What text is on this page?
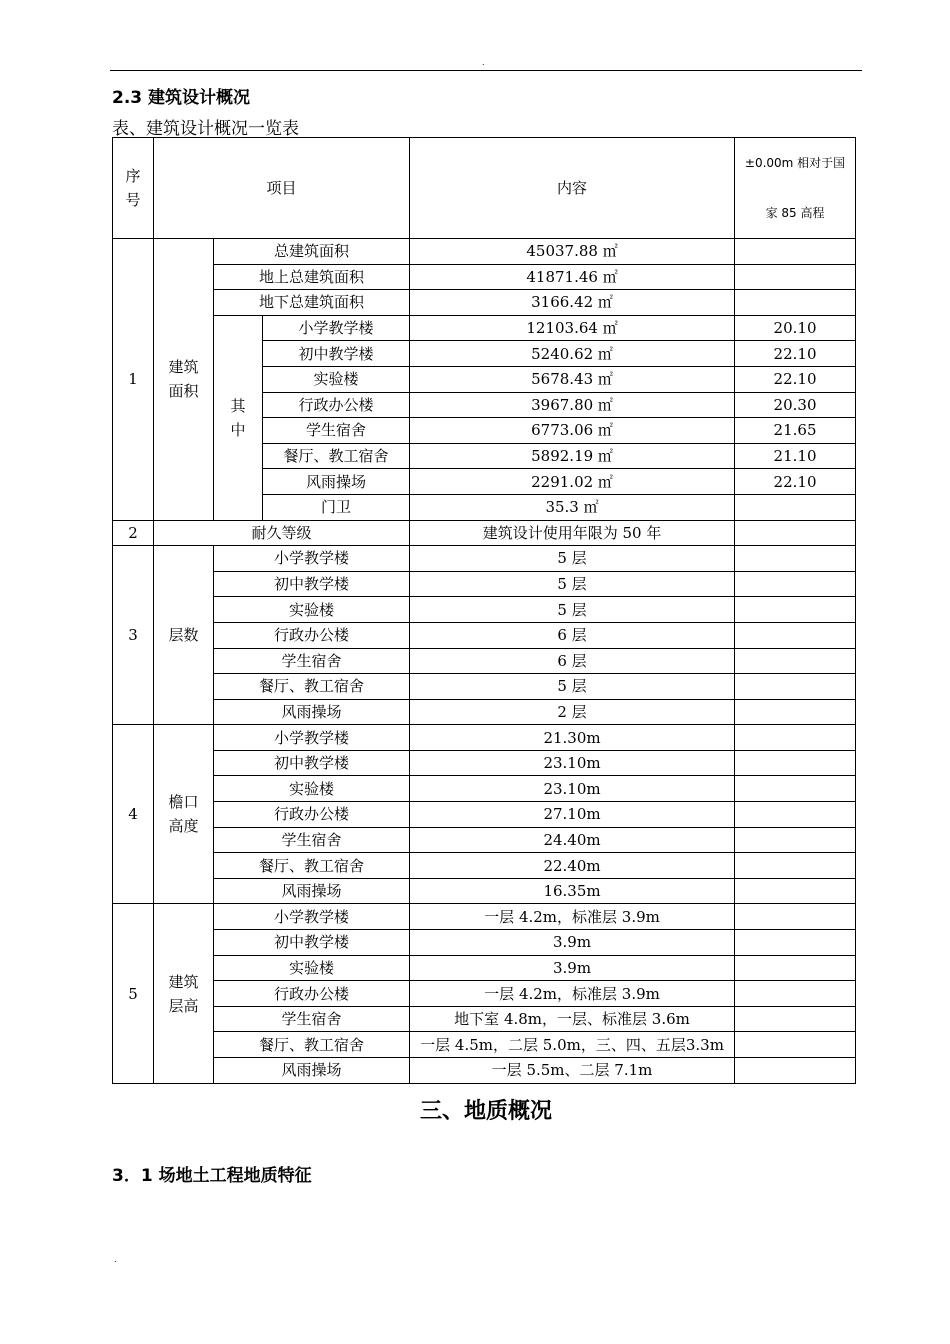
.
2.3 建筑设计概况
表、建筑设计概况一览表
序号	项目			内容	±0.00m 相对于国
家 85 高程

1	建筑面积	总建筑面积		45037.88 ㎡	
		地上总建筑面积		41871.46 ㎡	
		地下总建筑面积		3166.42 ㎡	
		其中	小学教学楼	12103.64 ㎡	20.10
			初中教学楼	5240.62 ㎡	22.10
			实验楼	5678.43 ㎡	22.10
			行政办公楼	3967.80 ㎡	20.30
			学生宿舍	6773.06 ㎡	21.65
			餐厅、教工宿舍	5892.19 ㎡	21.10
			风雨操场	2291.02 ㎡	22.10
			门卫	35.3 ㎡	
2	耐久等级			建筑设计使用年限为 50 年	
3	层数	小学教学楼		5 层	
		初中教学楼		5 层	
		实验楼		5 层	
		行政办公楼		6 层	
		学生宿舍		6 层	
		餐厅、教工宿舍		5 层	
		风雨操场		2 层	
4	檐口高度	小学教学楼		21.30m	
		初中教学楼		23.10m	
		实验楼		23.10m	
		行政办公楼		27.10m	
		学生宿舍		24.40m	
		餐厅、教工宿舍		22.40m	
		风雨操场		16.35m	
5	建筑层高	小学教学楼		一层 4.2m，标准层 3.9m	
		初中教学楼		3.9m	
		实验楼		3.9m	
		行政办公楼		一层 4.2m，标准层 3.9m	
		学生宿舍		地下室 4.8m，一层、标准层 3.6m	
		餐厅、教工宿舍		一层 4.5m，二层 5.0m，三、四、五层3.3m	
		风雨操场		一层 5.5m、二层 7.1m	
三、地质概况
3．1 场地土工程地质特征
.
